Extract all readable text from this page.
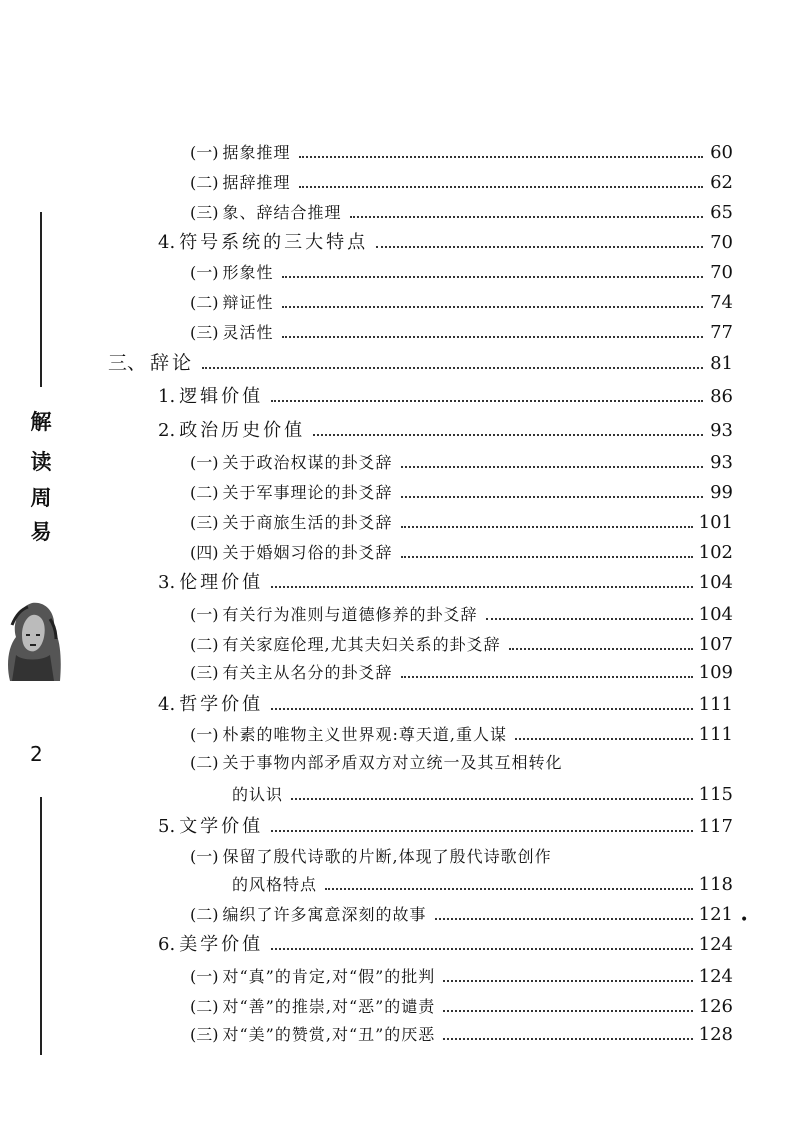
解
读
周
易
2
(一) 据象推理	60
(二) 据辞推理	62
(三) 象、辞结合推理	65
4. 符号系统的三大特点	70
(一) 形象性	70
(二) 辩证性	74
(三) 灵活性	77
三、 辞论	81
1. 逻辑价值	86
2. 政治历史价值	93
(一) 关于政治权谋的卦爻辞	93
(二) 关于军事理论的卦爻辞	99
(三) 关于商旅生活的卦爻辞	101
(四) 关于婚姻习俗的卦爻辞	102
3. 伦理价值	104
(一) 有关行为准则与道德修养的卦爻辞	104
(二) 有关家庭伦理,尤其夫妇关系的卦爻辞	107
(三) 有关主从名分的卦爻辞	109
4. 哲学价值	111
(一) 朴素的唯物主义世界观:尊天道,重人谋	111
(二) 关于事物内部矛盾双方对立统一及其互相转化
的认识	115
5. 文学价值	117
(一) 保留了殷代诗歌的片断,体现了殷代诗歌创作
的风格特点	118
(二) 编织了许多寓意深刻的故事	121
6. 美学价值	124
(一) 对“真”的肯定,对“假”的批判	124
(二) 对“善”的推崇,对“恶”的谴责	126
(三) 对“美”的赞赏,对“丑”的厌恶	128
•
